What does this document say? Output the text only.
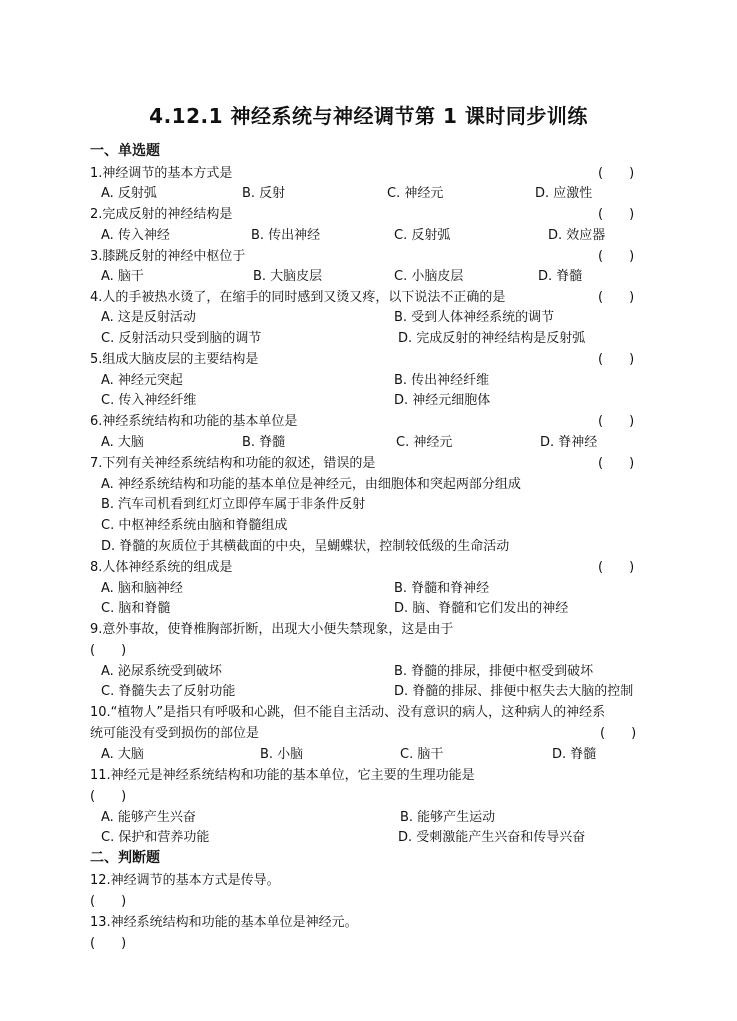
4.12.1 神经系统与神经调节第 1 课时同步训练
一、单选题
1.神经调节的基本方式是	(　　)
A. 反射弧	B. 反射	C. 神经元	D. 应激性
2.完成反射的神经结构是	(　　)
A. 传入神经	B. 传出神经	C. 反射弧	D. 效应器
3.膝跳反射的神经中枢位于	(　　)
A. 脑干	B. 大脑皮层	C. 小脑皮层	D. 脊髓
4.人的手被热水烫了，在缩手的同时感到又烫又疼，以下说法不正确的是	(　　)
A. 这是反射活动	B. 受到人体神经系统的调节
C. 反射活动只受到脑的调节	D. 完成反射的神经结构是反射弧
5.组成大脑皮层的主要结构是	(　　)
A. 神经元突起	B. 传出神经纤维
C. 传入神经纤维	D. 神经元细胞体
6.神经系统结构和功能的基本单位是	(　　)
A. 大脑	B. 脊髓	C. 神经元	D. 脊神经
7.下列有关神经系统结构和功能的叙述，错误的是	(　　)
A. 神经系统结构和功能的基本单位是神经元，由细胞体和突起两部分组成
B. 汽车司机看到红灯立即停车属于非条件反射
C. 中枢神经系统由脑和脊髓组成
D. 脊髓的灰质位于其横截面的中央，呈蝴蝶状，控制较低级的生命活动
8.人体神经系统的组成是	(　　)
A. 脑和脑神经	B. 脊髓和脊神经
C. 脑和脊髓	D. 脑、脊髓和它们发出的神经
9.意外事故，使脊椎胸部折断，出现大小便失禁现象，这是由于
(　　)
A. 泌尿系统受到破坏	B. 脊髓的排尿，排便中枢受到破坏
C. 脊髓失去了反射功能	D. 脊髓的排尿、排便中枢失去大脑的控制
10.“植物人”是指只有呼吸和心跳，但不能自主活动、没有意识的病人，这种病人的神经系
统可能没有受到损伤的部位是	(　　)
A. 大脑	B. 小脑	C. 脑干	D. 脊髓
11.神经元是神经系统结构和功能的基本单位，它主要的生理功能是
(　　)
A. 能够产生兴奋	B. 能够产生运动
C. 保护和营养功能	D. 受刺激能产生兴奋和传导兴奋
二、判断题
12.神经调节的基本方式是传导。
(　　)
13.神经系统结构和功能的基本单位是神经元。
(　　)
